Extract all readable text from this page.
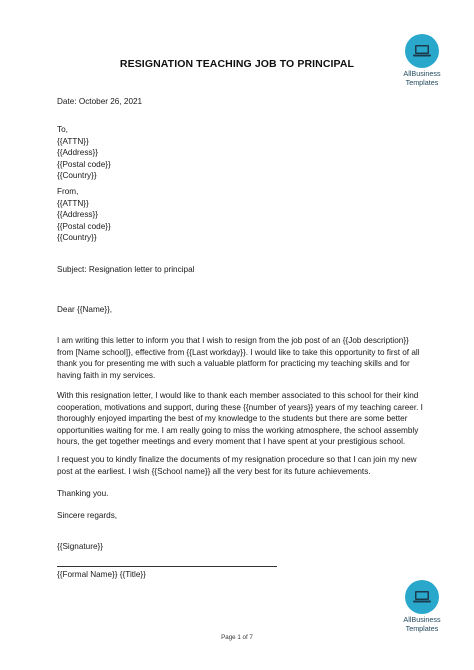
AllBusiness
Templates
RESIGNATION TEACHING JOB TO PRINCIPAL
Date: October 26, 2021
To,
{{ATTN}}
{{Address}}
{{Postal code}}
{{Country}}
From,
{{ATTN}}
{{Address}}
{{Postal code}}
{{Country}}
Subject: Resignation letter to principal
Dear {{Name}},
I am writing this letter to inform you that I wish to resign from the job post of an {{Job description}}
from [Name school]}, effective from {{Last workday}}. I would like to take this opportunity to first of all
thank you for presenting me with such a valuable platform for practicing my teaching skills and for
having faith in my services.
With this resignation letter, I would like to thank each member associated to this school for their kind
cooperation, motivations and support, during these {{number of years}} years of my teaching career. I
thoroughly enjoyed imparting the best of my knowledge to the students but there are some better
opportunities waiting for me. I am really going to miss the working atmosphere, the school assembly
hours, the get together meetings and every moment that I have spent at your prestigious school.
I request you to kindly finalize the documents of my resignation procedure so that I can join my new
post at the earliest. I wish {{School name}} all the very best for its future achievements.
Thanking you.
Sincere regards,
{{Signature}}
{{Formal Name}} {{Title}}
AllBusiness
Templates
Page 1 of 7
